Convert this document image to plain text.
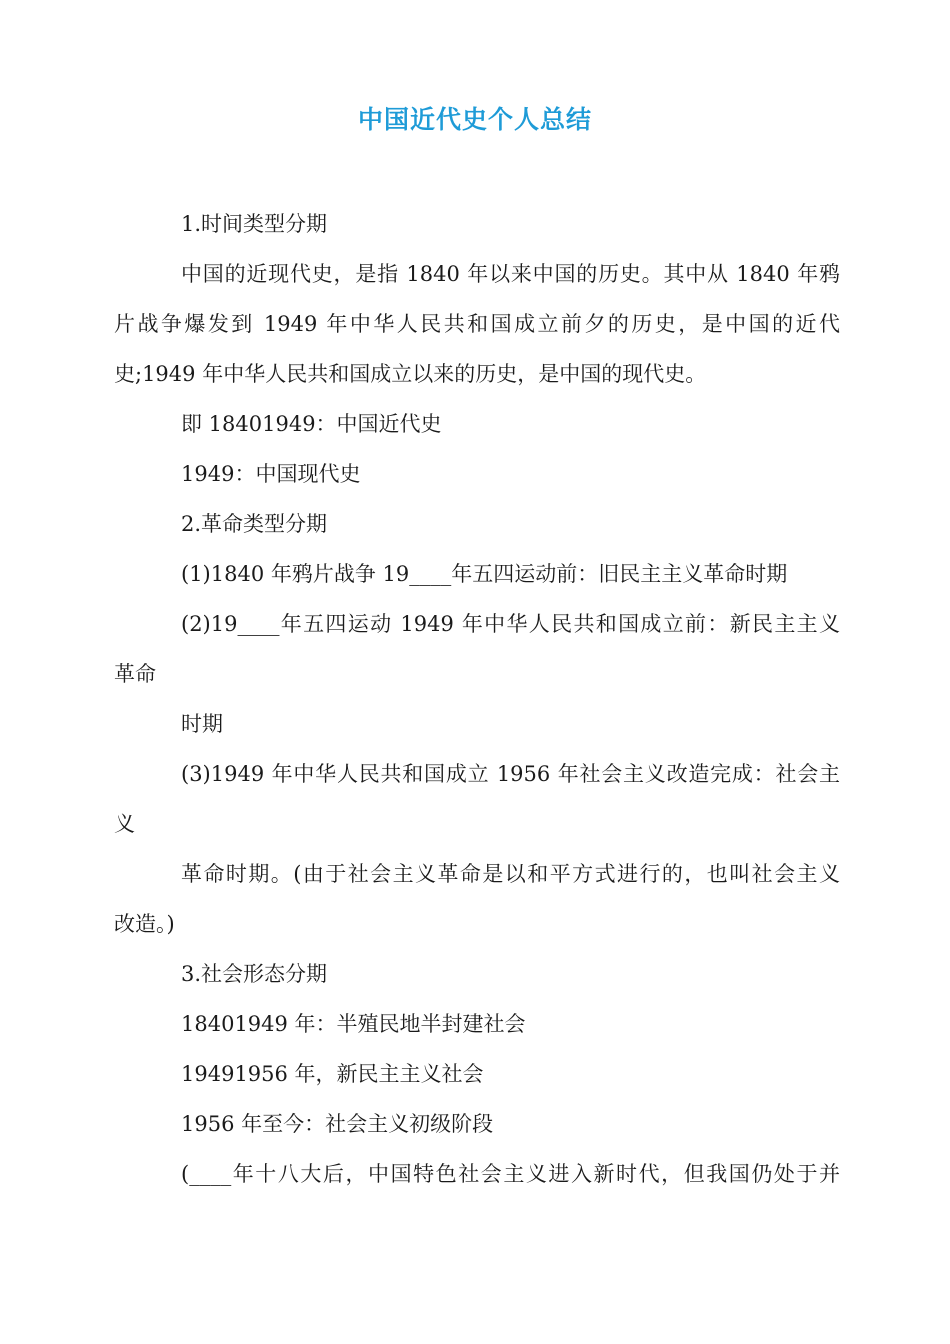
中国近代史个人总结
1.时间类型分期
中国的近现代史，是指 1840 年以来中国的历史。其中从 1840 年鸦
片战争爆发到 1949 年中华人民共和国成立前夕的历史，是中国的近代
史;1949 年中华人民共和国成立以来的历史，是中国的现代史。
即 18401949：中国近代史
1949：中国现代史
2.革命类型分期
(1)1840 年鸦片战争 19____年五四运动前：旧民主主义革命时期
(2)19____年五四运动 1949 年中华人民共和国成立前：新民主主义
革命
时期
(3)1949 年中华人民共和国成立 1956 年社会主义改造完成：社会主
义
革命时期。(由于社会主义革命是以和平方式进行的，也叫社会主义
改造。)
3.社会形态分期
18401949 年：半殖民地半封建社会
19491956 年，新民主主义社会
1956 年至今：社会主义初级阶段
(____年十八大后，中国特色社会主义进入新时代，但我国仍处于并
